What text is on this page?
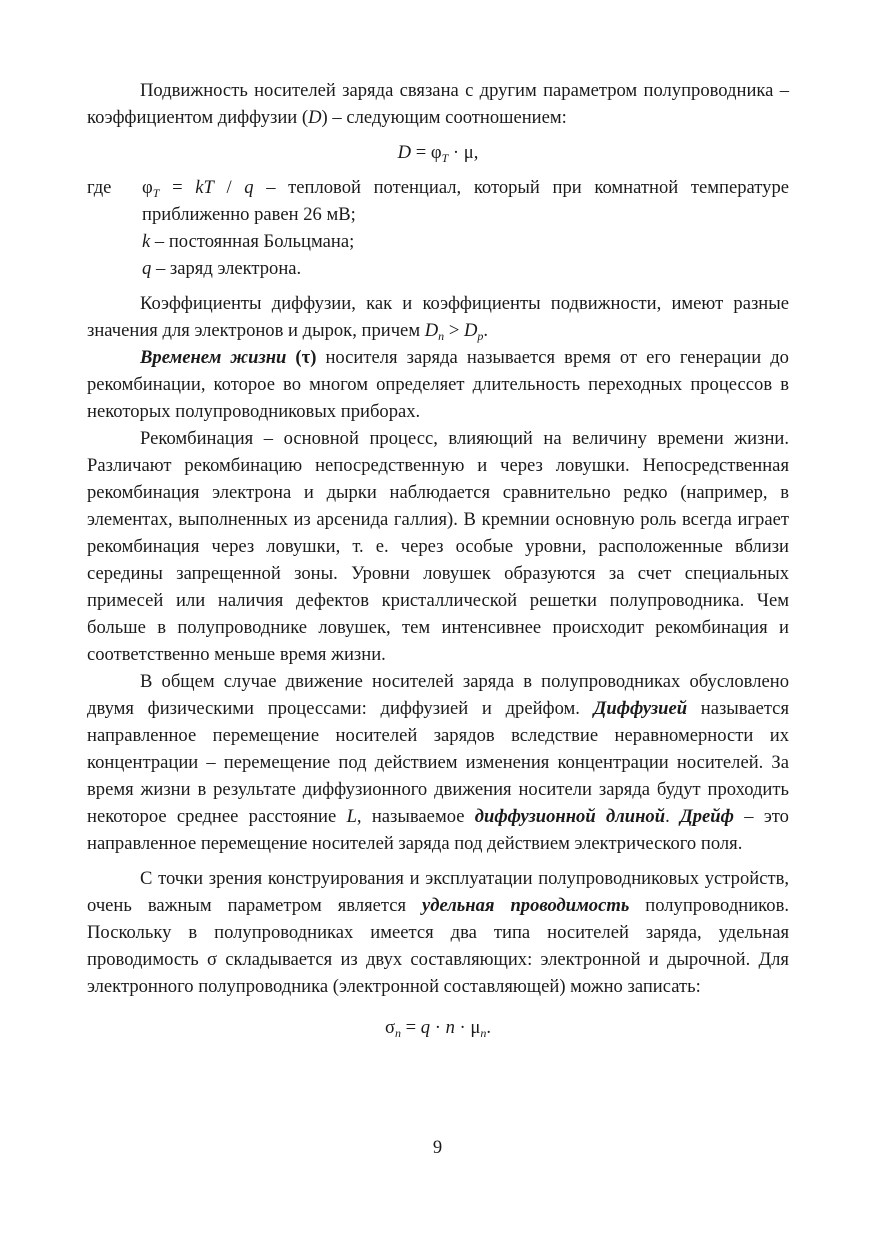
Подвижность носителей заряда связана с другим параметром полупроводника – коэффициентом диффузии (D) – следующим соотношением:

$D = \varphi_T \cdot \mu$,
где $\varphi_T$ = kT / q – тепловой потенциал, который при комнатной температуре приближенно равен 26 мВ;

k – постоянная Больцмана;

q – заряд электрона.

Коэффициенты диффузии, как и коэффициенты подвижности, имеют разные значения для электронов и дырок, причем $D_n > D_p$.

Временем жизни (τ) носителя заряда называется время от его генерации до рекомбинации, которое во многом определяет длительность переходных процессов в некоторых полупроводниковых приборах.

Рекомбинация – основной процесс, влияющий на величину времени жизни. Различают рекомбинацию непосредственную и через ловушки. Непосредственная рекомбинация электрона и дырки наблюдается сравнительно редко (например, в элементах, выполненных из арсенида галлия). В кремнии основную роль всегда играет рекомбинация через ловушки, т. е. через особые уровни, расположенные вблизи середины запрещенной зоны. Уровни ловушек образуются за счет специальных примесей или наличия дефектов кристаллической решетки полупроводника. Чем больше в полупроводнике ловушек, тем интенсивнее происходит рекомбинация и соответственно меньше время жизни.

В общем случае движение носителей заряда в полупроводниках обусловлено двумя физическими процессами: диффузией и дрейфом. Диффузией называется направленное перемещение носителей зарядов вследствие неравномерности их концентрации – перемещение под действием изменения концентрации носителей. За время жизни в результате диффузионного движения носители заряда будут проходить некоторое среднее расстояние L, называемое диффузионной длиной. Дрейф – это направленное перемещение носителей заряда под действием электрического поля.

С точки зрения конструирования и эксплуатации полупроводниковых устройств, очень важным параметром является удельная проводимость полупроводников. Поскольку в полупроводниках имеется два типа носителей заряда, удельная проводимость σ складывается из двух составляющих: электронной и дырочной. Для электронного полупроводника (электронной составляющей) можно записать:

$\sigma_n = q \cdot n \cdot \mu_n$.
9
